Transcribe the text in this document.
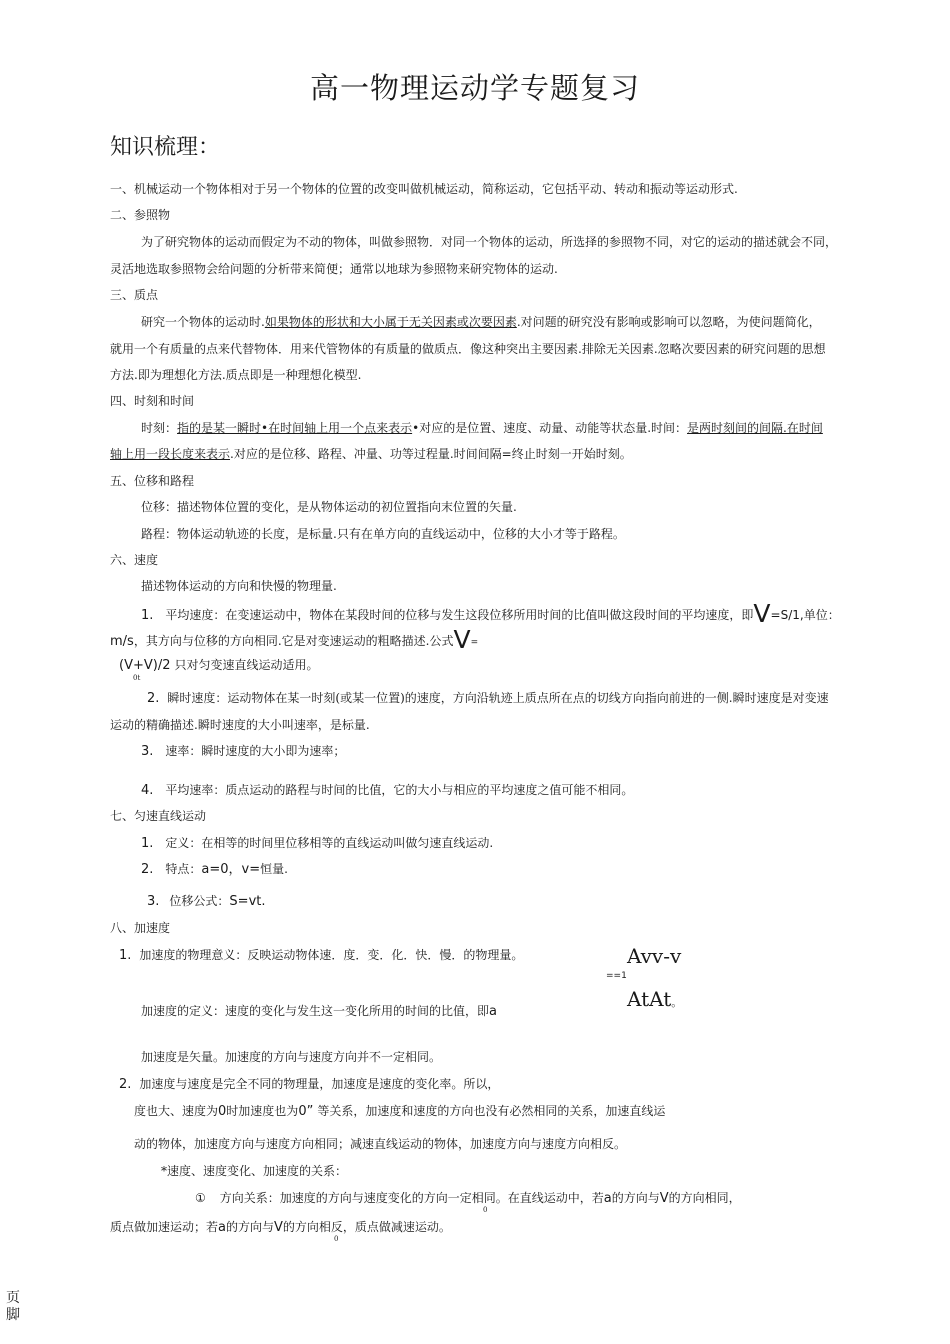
高一物理运动学专题复习
知识梳理：
一、机械运动一个物体相对于另一个物体的位置的改变叫做机械运动，简称运动，它包括平动、转动和振动等运动形式.
二、参照物
为了研究物体的运动而假定为不动的物体，叫做参照物．对同一个物体的运动，所选择的参照物不同，对它的运动的描述就会不同，
灵活地选取参照物会给问题的分析带来简便；通常以地球为参照物来研究物体的运动.
三、质点
研究一个物体的运动时.如果物体的形状和大小属于无关因素或次要因素.对问题的研究没有影响或影响可以忽略，为使问题简化，
就用一个有质量的点来代替物体．用来代管物体的有质量的做质点．像这种突出主要因素.排除无关因素.忽略次要因素的研究问题的思想
方法.即为理想化方法.质点即是一种理想化模型.
四、时刻和时间
时刻：指的是某一瞬时•在时间轴上用一个点来表示•对应的是位置、速度、动量、动能等状态量.时间：是两时刻间的间隔.在时间
轴上用一段长度来表示.对应的是位移、路程、冲量、功等过程量.时间间隔=终止时刻一开始时刻。
五、位移和路程
位移：描述物体位置的变化，是从物体运动的初位置指向末位置的矢量.
路程：物体运动轨迹的长度，是标量.只有在单方向的直线运动中，位移的大小才等于路程。
六、速度
描述物体运动的方向和快慢的物理量.
1. 平均速度：在变速运动中，物体在某段时间的位移与发生这段位移所用时间的比值叫做这段时间的平均速度，即V=S/1,单位：
m/s，其方向与位移的方向相同.它是对变速运动的粗略描述.公式V=
(V+V)/2 只对匀变速直线运动适用。
0t
2. 瞬时速度：运动物体在某一时刻(或某一位置)的速度，方向沿轨迹上质点所在点的切线方向指向前进的一侧.瞬时速度是对变速
运动的精确描述.瞬时速度的大小叫速率，是标量.
3. 速率：瞬时速度的大小即为速率；
4. 平均速率：质点运动的路程与时间的比值，它的大小与相应的平均速度之值可能不相同。
七、匀速直线运动
1. 定义：在相等的时间里位移相等的直线运动叫做匀速直线运动.
2. 特点：a=0，v=恒量.
3. 位移公式：S=vt.
八、加速度
1. 加速度的物理意义：反映运动物体速．度．变．化．快．慢．的物理量。	Avv-v
==1
AtAt。
加速度的定义：速度的变化与发生这一变化所用的时间的比值，即a
加速度是矢量。加速度的方向与速度方向并不一定相同。
2. 加速度与速度是完全不同的物理量，加速度是速度的变化率。所以，
度也大、速度为0时加速度也为0” 等关系，加速度和速度的方向也没有必然相同的关系，加速直线运
动的物体，加速度方向与速度方向相同；减速直线运动的物体，加速度方向与速度方向相反。
*速度、速度变化、加速度的关系：
① 方向关系：加速度的方向与速度变化的方向一定相同。在直线运动中，若a的方向与V的方向相同，
0
质点做加速运动；若a的方向与V的方向相反，质点做减速运动。
0
页
脚
